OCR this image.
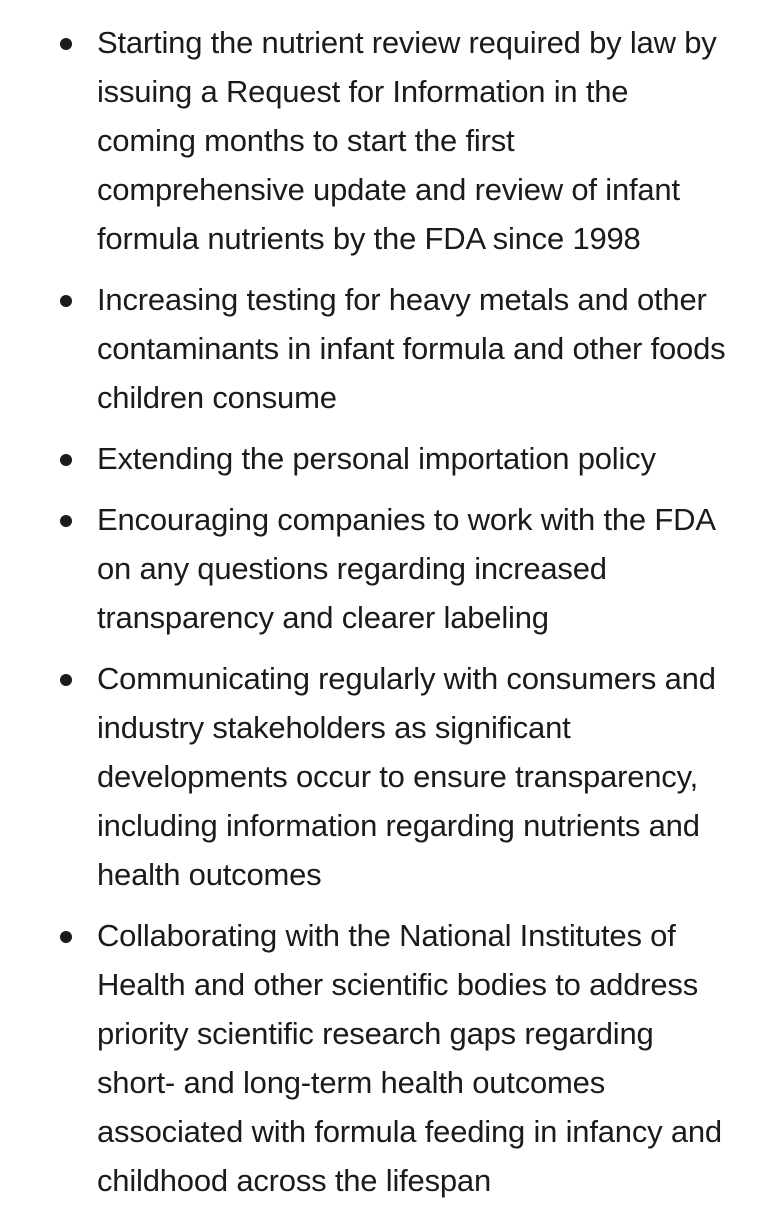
Starting the nutrient review required by law by issuing a Request for Information in the coming months to start the first comprehensive update and review of infant formula nutrients by the FDA since 1998
Increasing testing for heavy metals and other contaminants in infant formula and other foods children consume
Extending the personal importation policy
Encouraging companies to work with the FDA on any questions regarding increased transparency and clearer labeling
Communicating regularly with consumers and industry stakeholders as significant developments occur to ensure transparency, including information regarding nutrients and health outcomes
Collaborating with the National Institutes of Health and other scientific bodies to address priority scientific research gaps regarding short- and long-term health outcomes associated with formula feeding in infancy and childhood across the lifespan
